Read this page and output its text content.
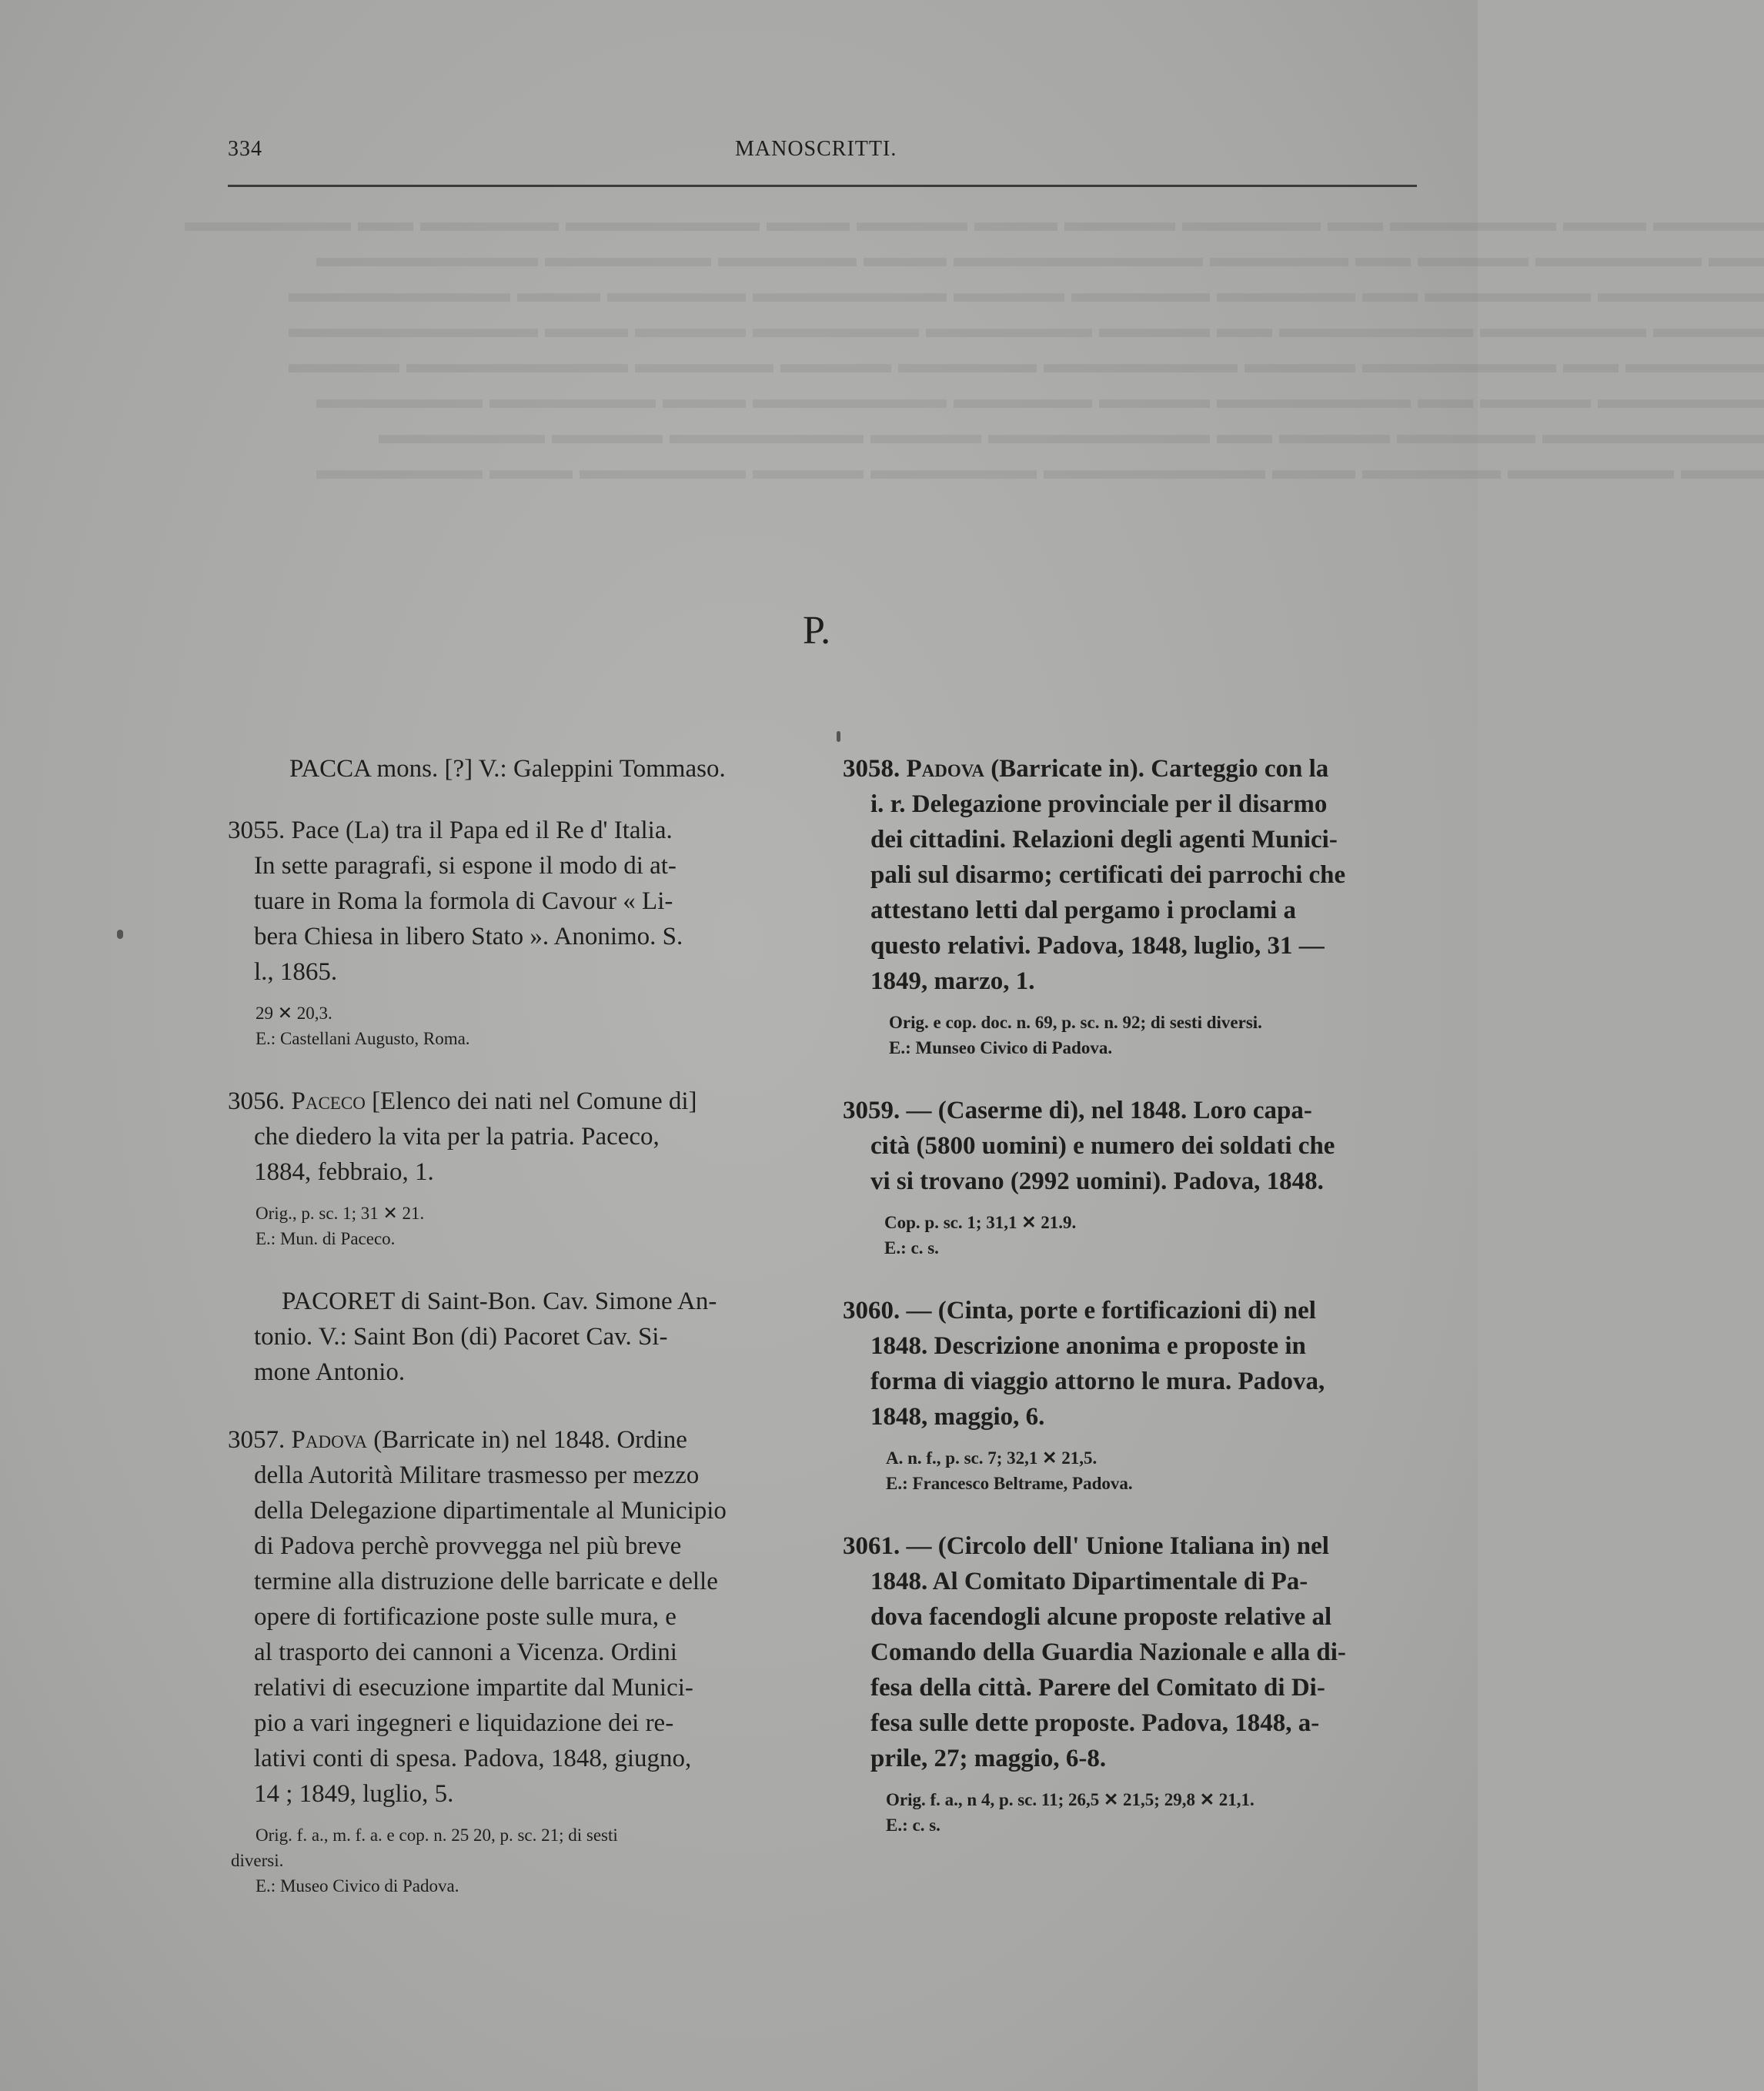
▬▬▬▬ ▬▬▬ ▬▬▬▬▬▬ ▬▬ ▬▬▬▬▬ ▬▬▬▬ ▬▬▬ ▬▬▬▬ ▬▬▬ ▬▬▬▬▬▬▬ ▬▬▬▬▬ ▬▬ ▬▬▬▬▬▬
▬▬ ▬▬▬▬▬▬ ▬▬▬▬ ▬▬ ▬▬▬▬▬ ▬▬▬▬▬▬▬▬▬ ▬▬▬ ▬▬▬▬▬ ▬▬▬▬▬▬ ▬▬▬▬▬▬▬▬
▬▬▬▬▬▬ ▬▬▬▬▬▬ ▬▬ ▬▬▬▬▬ ▬▬▬▬▬ ▬▬▬▬ ▬▬▬▬▬▬▬ ▬▬▬▬▬ ▬▬▬ ▬▬▬▬▬▬▬▬
▬▬▬▬ ▬▬▬▬▬▬ ▬▬▬▬▬▬▬ ▬▬ ▬▬▬▬ ▬▬▬▬▬▬ ▬▬▬▬▬▬ ▬▬▬▬ ▬▬▬ ▬▬▬▬▬▬▬▬▬
▬▬▬▬▬ ▬▬ ▬▬▬▬▬▬▬ ▬▬▬▬ ▬▬▬▬▬▬▬ ▬▬▬▬▬ ▬▬▬▬ ▬▬▬▬▬ ▬▬▬▬▬▬▬▬ ▬▬▬▬
▬▬▬▬▬▬ ▬▬▬▬ ▬▬ ▬▬▬▬▬▬▬ ▬▬▬▬ ▬▬▬▬▬ ▬▬▬▬▬▬▬ ▬▬▬ ▬▬▬▬▬▬ ▬▬▬▬▬▬
▬▬▬▬▬▬▬▬ ▬▬▬▬▬ ▬▬▬▬ ▬▬ ▬▬▬▬▬▬▬▬ ▬▬▬▬ ▬▬▬▬▬▬▬ ▬▬▬▬ ▬▬▬▬▬▬
▬▬▬ ▬▬▬▬▬▬ ▬▬▬▬▬ ▬▬▬ ▬▬▬▬▬▬▬▬ ▬▬▬▬▬▬ ▬▬▬▬ ▬▬▬▬▬▬ ▬▬▬ ▬▬▬▬▬▬
334	MANOSCRITTI.
P.

PACCA mons. [?] V.: Galeppini Tommaso.

3055. Pace (La) tra il Papa ed il Re d' Italia.

In sette paragrafi, si espone il modo di at-

tuare in Roma la formola di Cavour « Li-

bera Chiesa in libero Stato ». Anonimo. S.

l., 1865.

29 ✕ 20,3.

E.: Castellani Augusto, Roma.

3056. Paceco [Elenco dei nati nel Comune di]

che diedero la vita per la patria. Paceco,

1884, febbraio, 1.

Orig., p. sc. 1; 31 ✕ 21.

E.: Mun. di Paceco.

PACORET di Saint-Bon. Cav. Simone An-

tonio. V.: Saint Bon (di) Pacoret Cav. Si-

mone Antonio.

3057. Padova (Barricate in) nel 1848. Ordine

della Autorità Militare trasmesso per mezzo

della Delegazione dipartimentale al Municipio

di Padova perchè provvegga nel più breve

termine alla distruzione delle barricate e delle

opere di fortificazione poste sulle mura, e

al trasporto dei cannoni a Vicenza. Ordini

relativi di esecuzione impartite dal Munici-

pio a vari ingegneri e liquidazione dei re-

lativi conti di spesa. Padova, 1848, giugno,

14 ; 1849, luglio, 5.

Orig. f. a., m. f. a. e cop. n. 25 20, p. sc. 21; di sesti

diversi.

E.: Museo Civico di Padova.

3058. Padova (Barricate in). Carteggio con la

i. r. Delegazione provinciale per il disarmo

dei cittadini. Relazioni degli agenti Munici-

pali sul disarmo; certificati dei parrochi che

attestano letti dal pergamo i proclami a

questo relativi. Padova, 1848, luglio, 31 —

1849, marzo, 1.

Orig. e cop. doc. n. 69, p. sc. n. 92; di sesti diversi.

E.: Munseo Civico di Padova.

3059. — (Caserme di), nel 1848. Loro capa-

cità (5800 uomini) e numero dei soldati che

vi si trovano (2992 uomini). Padova, 1848.

Cop. p. sc. 1; 31,1 ✕ 21.9.

E.: c. s.

3060. — (Cinta, porte e fortificazioni di) nel

1848. Descrizione anonima e proposte in

forma di viaggio attorno le mura. Padova,

1848, maggio, 6.

A. n. f., p. sc. 7; 32,1 ✕ 21,5.

E.: Francesco Beltrame, Padova.

3061. — (Circolo dell' Unione Italiana in) nel

1848. Al Comitato Dipartimentale di Pa-

dova facendogli alcune proposte relative al

Comando della Guardia Nazionale e alla di-

fesa della città. Parere del Comitato di Di-

fesa sulle dette proposte. Padova, 1848, a-

prile, 27; maggio, 6-8.

Orig. f. a., n 4, p. sc. 11; 26,5 ✕ 21,5; 29,8 ✕ 21,1.

E.: c. s.
